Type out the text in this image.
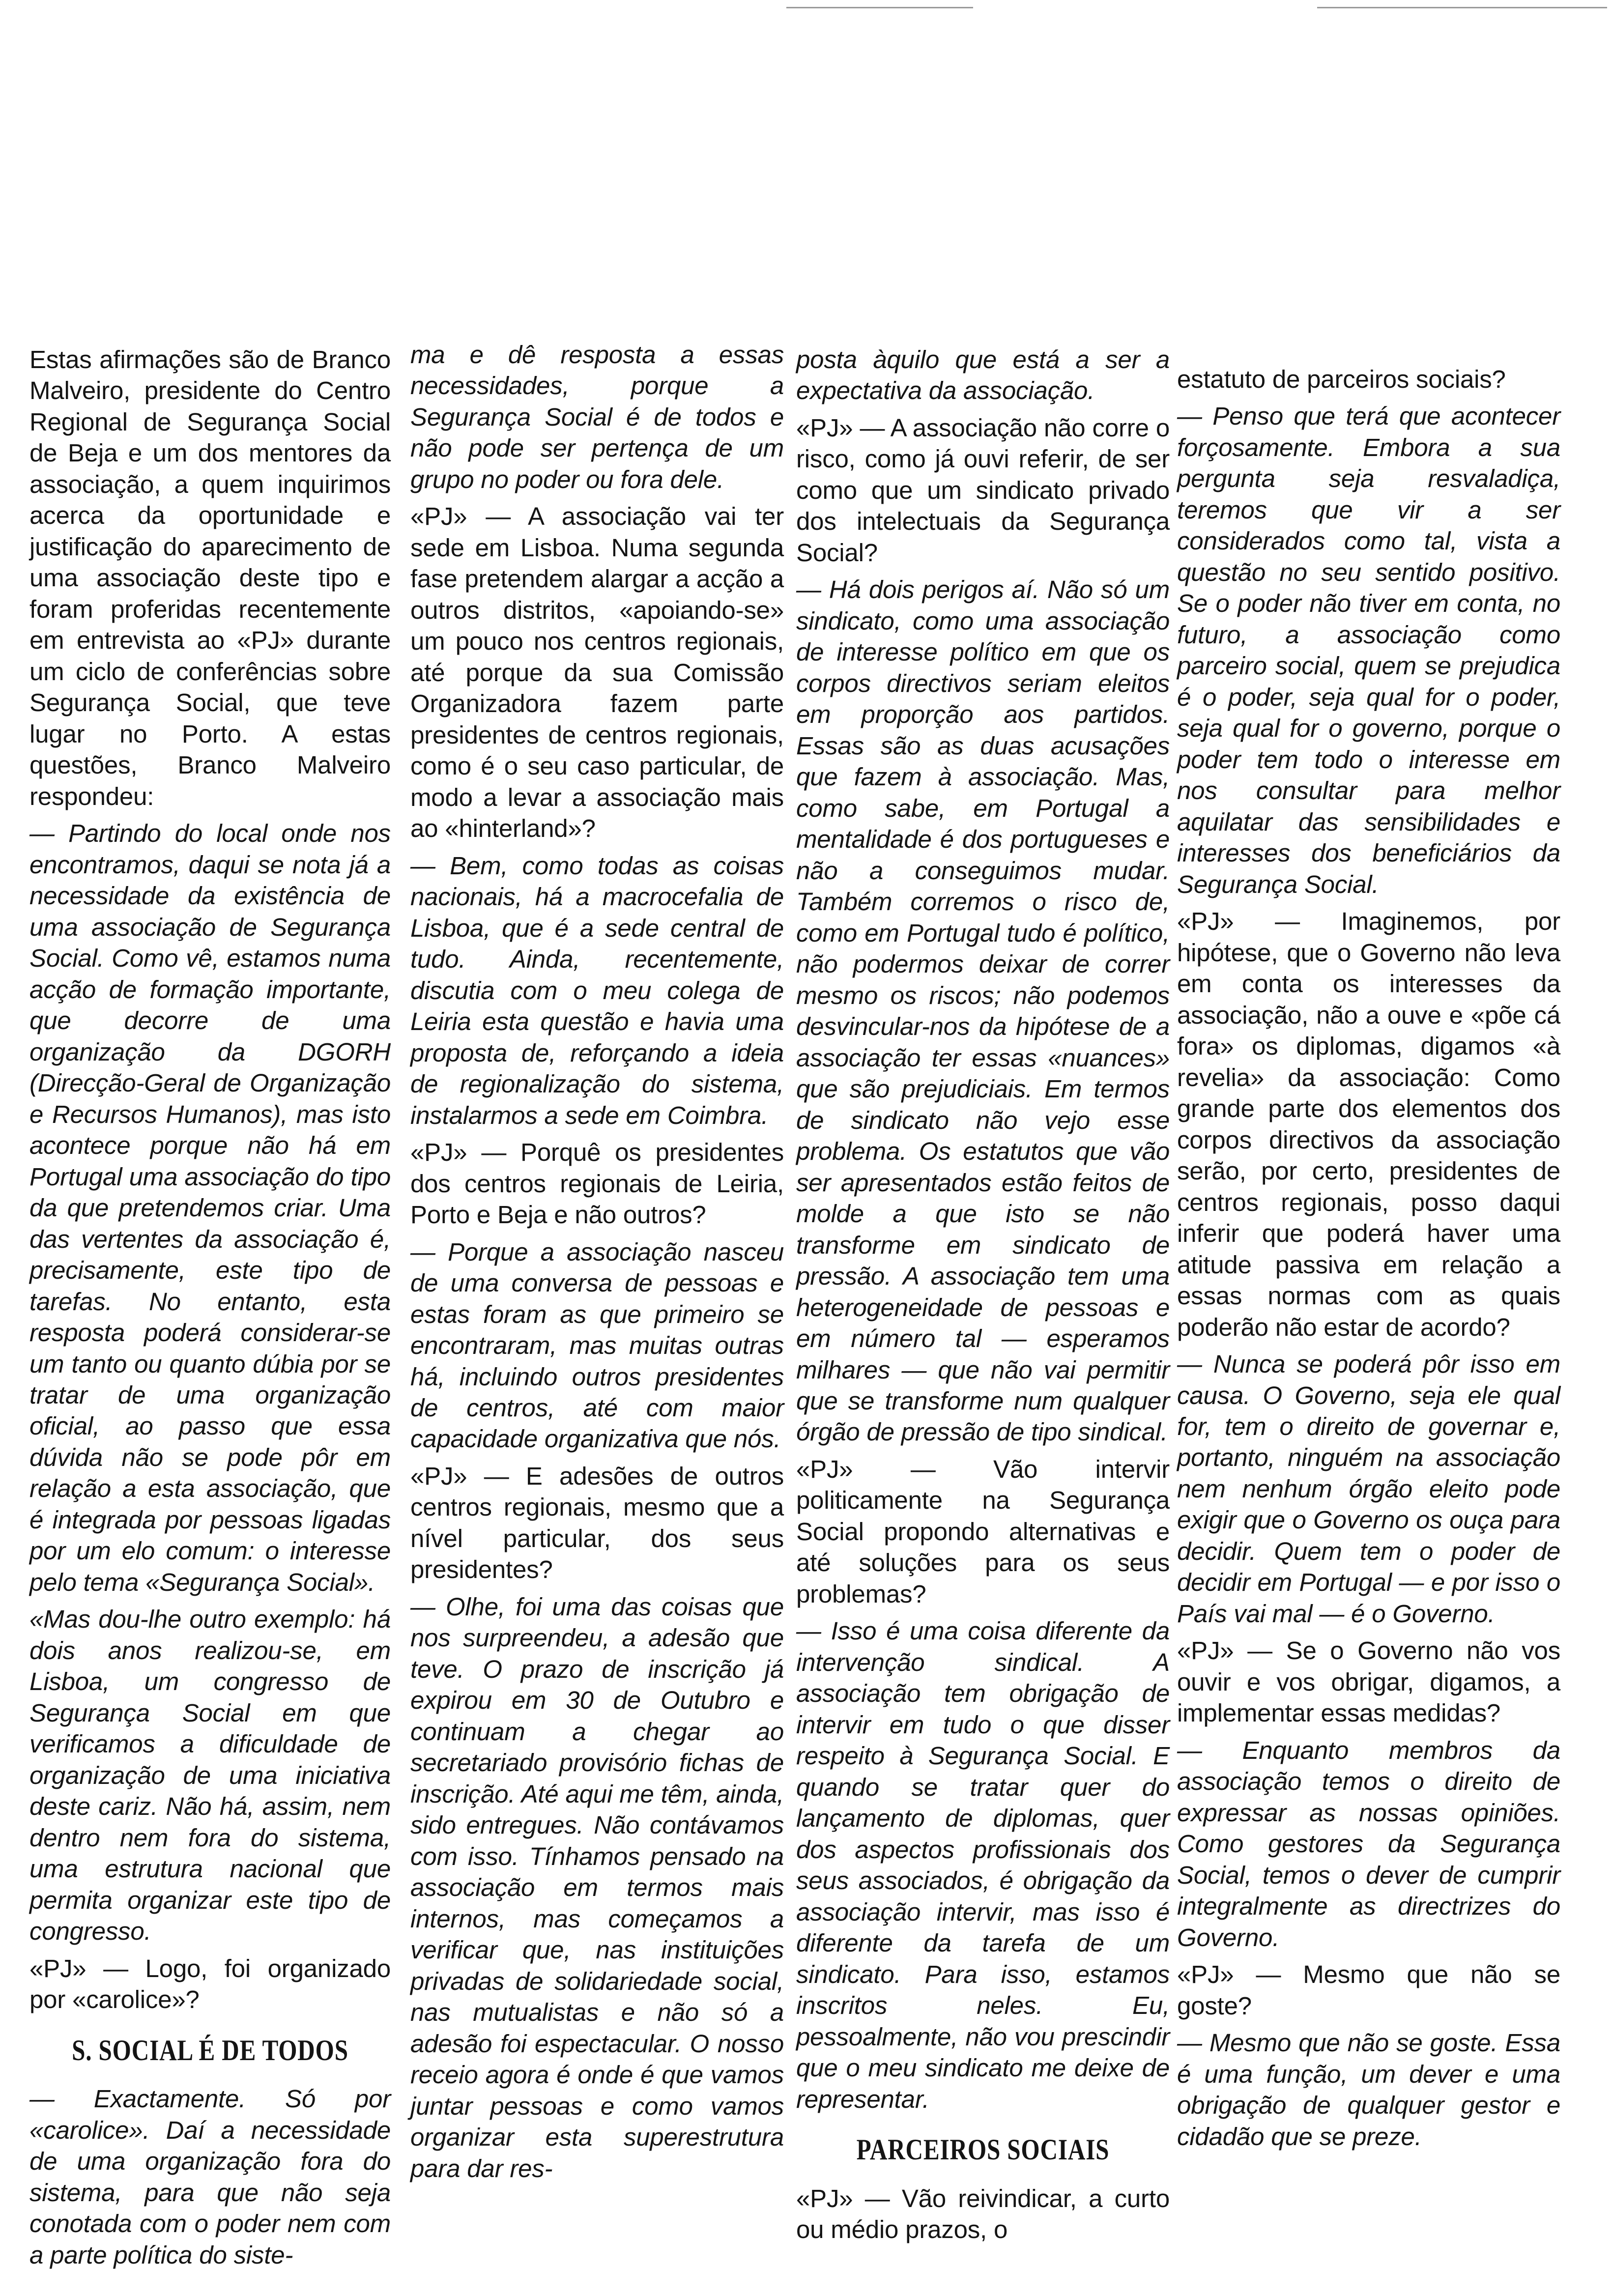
Estas afirmações são de Branco Malveiro, presidente do Centro Regional de Segurança Social de Beja e um dos mentores da associação, a quem inquirimos acerca da oportunidade e justificação do aparecimento de uma associação deste tipo e foram proferidas recentemente em entrevista ao «PJ» durante um ciclo de conferências sobre Segurança Social, que teve lugar no Porto. A estas questões, Branco Malveiro respondeu:

— Partindo do local onde nos encontramos, daqui se nota já a necessidade da existência de uma associação de Segurança Social. Como vê, estamos numa acção de formação importante, que decorre de uma organização da DGORH (Direcção-Geral de Organização e Recursos Humanos), mas isto acontece porque não há em Portugal uma associação do tipo da que pretendemos criar. Uma das vertentes da associação é, precisamente, este tipo de tarefas. No entanto, esta resposta poderá considerar-se um tanto ou quanto dúbia por se tratar de uma organização oficial, ao passo que essa dúvida não se pode pôr em relação a esta associação, que é integrada por pessoas ligadas por um elo comum: o interesse pelo tema «Segurança Social».

«Mas dou-lhe outro exemplo: há dois anos realizou-se, em Lisboa, um congresso de Segurança Social em que verificamos a dificuldade de organização de uma iniciativa deste cariz. Não há, assim, nem dentro nem fora do sistema, uma estrutura nacional que permita organizar este tipo de congresso.

«PJ» — Logo, foi organizado por «carolice»?

S. SOCIAL É DE TODOS

— Exactamente. Só por «carolice». Daí a necessidade de uma organização fora do sistema, para que não seja conotada com o poder nem com a parte política do siste-

ma e dê resposta a essas necessidades, porque a Segurança Social é de todos e não pode ser pertença de um grupo no poder ou fora dele.

«PJ» — A associação vai ter sede em Lisboa. Numa segunda fase pretendem alargar a acção a outros distritos, «apoiando-se» um pouco nos centros regionais, até porque da sua Comissão Organizadora fazem parte presidentes de centros regionais, como é o seu caso particular, de modo a levar a associação mais ao «hinterland»?

— Bem, como todas as coisas nacionais, há a macrocefalia de Lisboa, que é a sede central de tudo. Ainda, recentemente, discutia com o meu colega de Leiria esta questão e havia uma proposta de, reforçando a ideia de regionalização do sistema, instalarmos a sede em Coimbra.

«PJ» — Porquê os presidentes dos centros regionais de Leiria, Porto e Beja e não outros?

— Porque a associação nasceu de uma conversa de pessoas e estas foram as que primeiro se encontraram, mas muitas outras há, incluindo outros presidentes de centros, até com maior capacidade organizativa que nós.

«PJ» — E adesões de outros centros regionais, mesmo que a nível particular, dos seus presidentes?

— Olhe, foi uma das coisas que nos surpreendeu, a adesão que teve. O prazo de inscrição já expirou em 30 de Outubro e continuam a chegar ao secretariado provisório fichas de inscrição. Até aqui me têm, ainda, sido entregues. Não contávamos com isso. Tínhamos pensado na associação em termos mais internos, mas começamos a verificar que, nas instituições privadas de solidariedade social, nas mutualistas e não só a adesão foi espectacular. O nosso receio agora é onde é que vamos juntar pessoas e como vamos organizar esta superestrutura para dar res-

posta àquilo que está a ser a expectativa da associação.

«PJ» — A associação não corre o risco, como já ouvi referir, de ser como que um sindicato privado dos intelectuais da Segurança Social?

— Há dois perigos aí. Não só um sindicato, como uma associação de interesse político em que os corpos directivos seriam eleitos em proporção aos partidos. Essas são as duas acusações que fazem à associação. Mas, como sabe, em Portugal a mentalidade é dos portugueses e não a conseguimos mudar. Também corremos o risco de, como em Portugal tudo é político, não podermos deixar de correr mesmo os riscos; não podemos desvincular-nos da hipótese de a associação ter essas «nuances» que são prejudiciais. Em termos de sindicato não vejo esse problema. Os estatutos que vão ser apresentados estão feitos de molde a que isto se não transforme em sindicato de pressão. A associação tem uma heterogeneidade de pessoas e em número tal — esperamos milhares — que não vai permitir que se transforme num qualquer órgão de pressão de tipo sindical.

«PJ» — Vão intervir politicamente na Segurança Social propondo alternativas e até soluções para os seus problemas?

— Isso é uma coisa diferente da intervenção sindical. A associação tem obrigação de intervir em tudo o que disser respeito à Segurança Social. E quando se tratar quer do lançamento de diplomas, quer dos aspectos profissionais dos seus associados, é obrigação da associação intervir, mas isso é diferente da tarefa de um sindicato. Para isso, estamos inscritos neles. Eu, pessoalmente, não vou prescindir que o meu sindicato me deixe de representar.

PARCEIROS SOCIAIS

«PJ» — Vão reivindicar, a curto ou médio prazos, o

estatuto de parceiros sociais?

— Penso que terá que acontecer forçosamente. Embora a sua pergunta seja resvaladiça, teremos que vir a ser considerados como tal, vista a questão no seu sentido positivo. Se o poder não tiver em conta, no futuro, a associação como parceiro social, quem se prejudica é o poder, seja qual for o poder, seja qual for o governo, porque o poder tem todo o interesse em nos consultar para melhor aquilatar das sensibilidades e interesses dos beneficiários da Segurança Social.

«PJ» — Imaginemos, por hipótese, que o Governo não leva em conta os interesses da associação, não a ouve e «põe cá fora» os diplomas, digamos «à revelia» da associação: Como grande parte dos elementos dos corpos directivos da associação serão, por certo, presidentes de centros regionais, posso daqui inferir que poderá haver uma atitude passiva em relação a essas normas com as quais poderão não estar de acordo?

— Nunca se poderá pôr isso em causa. O Governo, seja ele qual for, tem o direito de governar e, portanto, ninguém na associação nem nenhum órgão eleito pode exigir que o Governo os ouça para decidir. Quem tem o poder de decidir em Portugal — e por isso o País vai mal — é o Governo.

«PJ» — Se o Governo não vos ouvir e vos obrigar, digamos, a implementar essas medidas?

— Enquanto membros da associação temos o direito de expressar as nossas opiniões. Como gestores da Segurança Social, temos o dever de cumprir integralmente as directrizes do Governo.

«PJ» — Mesmo que não se goste?

— Mesmo que não se goste. Essa é uma função, um dever e uma obrigação de qualquer gestor e cidadão que se preze.
